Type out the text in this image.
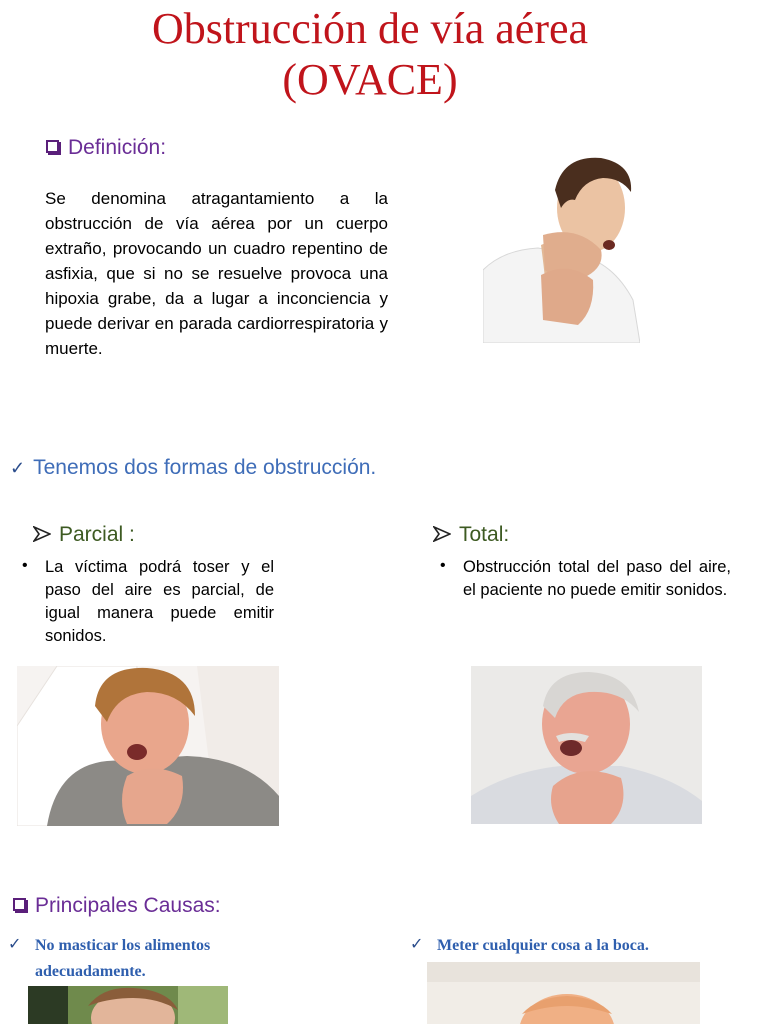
Obstrucción de vía aérea
(OVACE)
Definición:
Se denomina atragantamiento a la obstrucción de vía aérea por un cuerpo extraño, provocando un cuadro repentino de asfixia, que si no se resuelve provoca una hipoxia grabe, da a lugar a inconciencia y puede derivar en parada cardiorrespiratoria y muerte.
✓ Tenemos dos formas de obstrucción.
Parcial :
• La víctima podrá toser y el paso del aire es parcial, de igual manera puede emitir sonidos.
Total:
• Obstrucción total del paso del aire, el paciente no puede emitir sonidos.
Principales Causas:
✓ No masticar los alimentos adecuadamente.
✓ Meter cualquier cosa a la boca.
